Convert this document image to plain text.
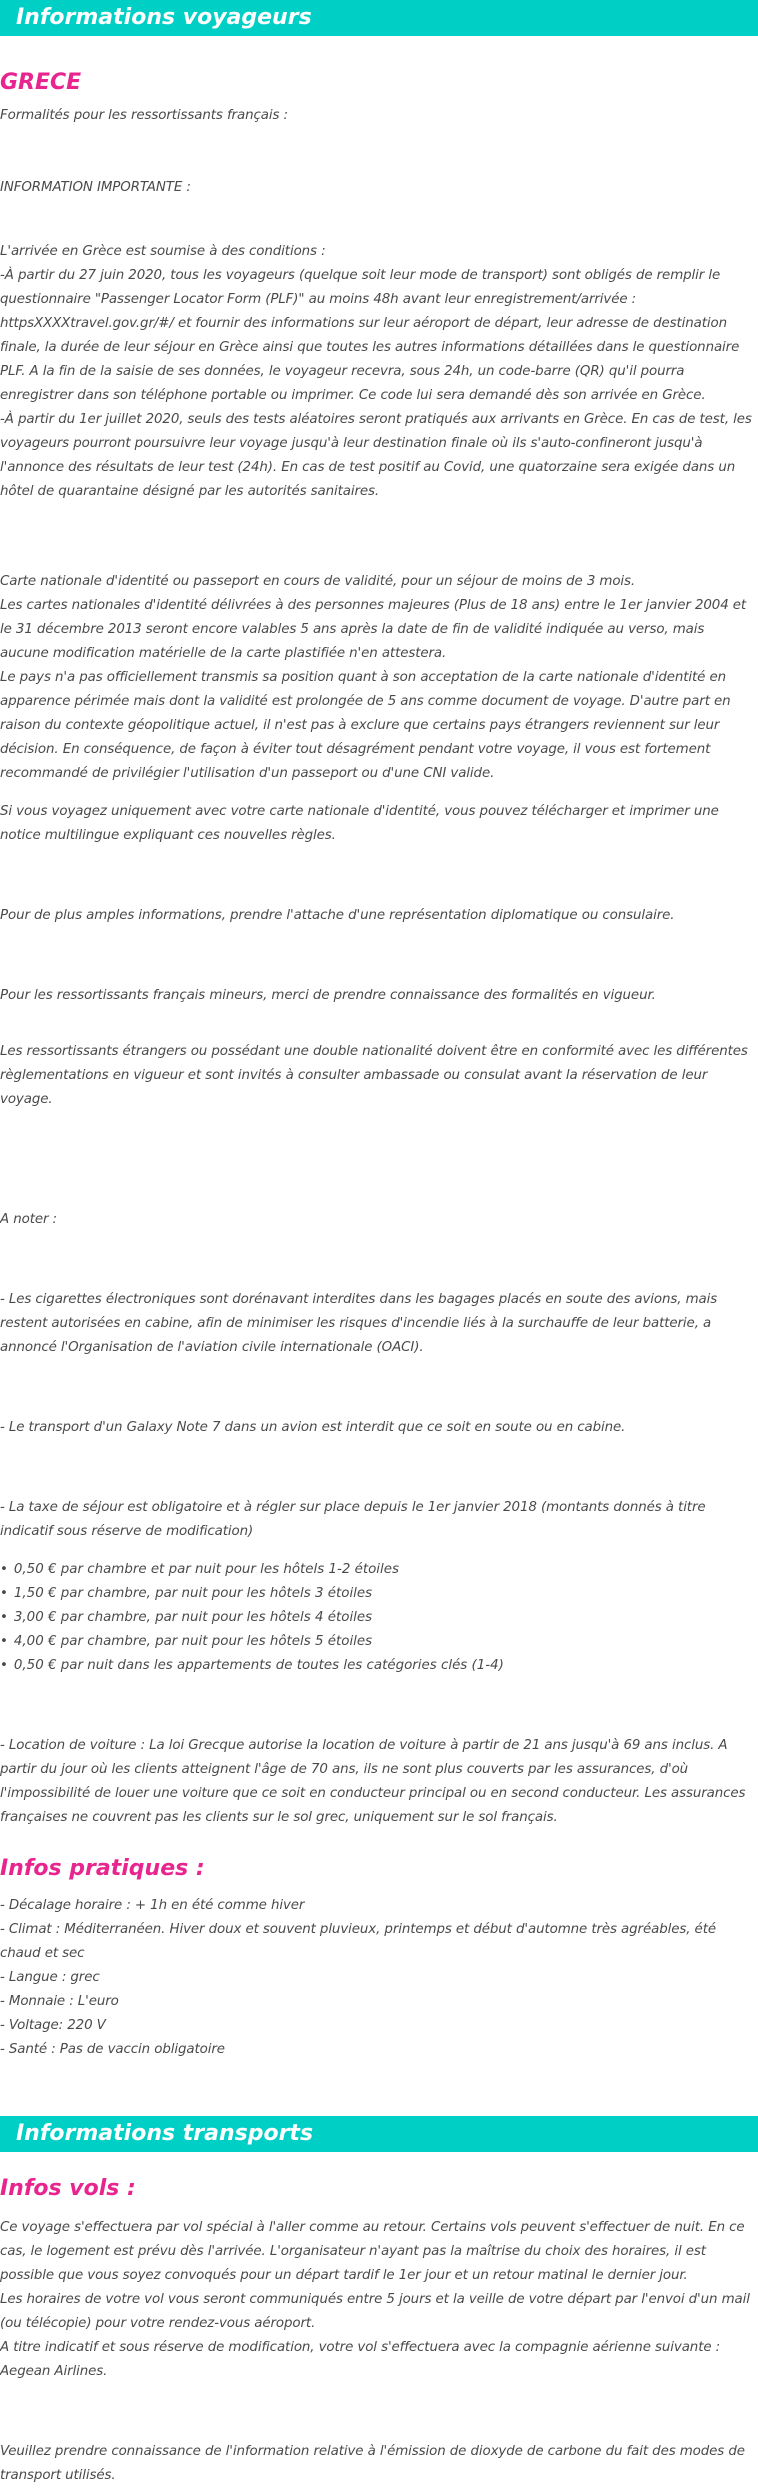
Informations voyageurs
GRECE

Formalités pour les ressortissants français :

INFORMATION IMPORTANTE :

L'arrivée en Grèce est soumise à des conditions :

-À partir du 27 juin 2020, tous les voyageurs (quelque soit leur mode de transport) sont obligés de remplir le questionnaire "Passenger Locator Form (PLF)" au moins 48h avant leur enregistrement/arrivée : httpsXXXXtravel.gov.gr/#/ et fournir des informations sur leur aéroport de départ, leur adresse de destination finale, la durée de leur séjour en Grèce ainsi que toutes les autres informations détaillées dans le questionnaire PLF. A la fin de la saisie de ses données, le voyageur recevra, sous 24h, un code-barre (QR) qu'il pourra enregistrer dans son téléphone portable ou imprimer. Ce code lui sera demandé dès son arrivée en Grèce.

-À partir du 1er juillet 2020, seuls des tests aléatoires seront pratiqués aux arrivants en Grèce. En cas de test, les voyageurs pourront poursuivre leur voyage jusqu'à leur destination finale où ils s'auto-confineront jusqu'à l'annonce des résultats de leur test (24h). En cas de test positif au Covid, une quatorzaine sera exigée dans un hôtel de quarantaine désigné par les autorités sanitaires.

Carte nationale d'identité ou passeport en cours de validité, pour un séjour de moins de 3 mois.

Les cartes nationales d'identité délivrées à des personnes majeures (Plus de 18 ans) entre le 1er janvier 2004 et le 31 décembre 2013 seront encore valables 5 ans après la date de fin de validité indiquée au verso, mais aucune modification matérielle de la carte plastifiée n'en attestera.

Le pays n'a pas officiellement transmis sa position quant à son acceptation de la carte nationale d'identité en apparence périmée mais dont la validité est prolongée de 5 ans comme document de voyage. D'autre part en raison du contexte géopolitique actuel, il n'est pas à exclure que certains pays étrangers reviennent sur leur décision. En conséquence, de façon à éviter tout désagrément pendant votre voyage, il vous est fortement recommandé de privilégier l'utilisation d'un passeport ou d'une CNI valide.

Si vous voyagez uniquement avec votre carte nationale d'identité, vous pouvez télécharger et imprimer une notice multilingue expliquant ces nouvelles règles.

Pour de plus amples informations, prendre l'attache d'une représentation diplomatique ou consulaire.

Pour les ressortissants français mineurs, merci de prendre connaissance des formalités en vigueur.

Les ressortissants étrangers ou possédant une double nationalité doivent être en conformité avec les différentes règlementations en vigueur et sont invités à consulter ambassade ou consulat avant la réservation de leur voyage.

A noter :

- Les cigarettes électroniques sont dorénavant interdites dans les bagages placés en soute des avions, mais restent autorisées en cabine, afin de minimiser les risques d'incendie liés à la surchauffe de leur batterie, a annoncé l'Organisation de l'aviation civile internationale (OACI).

- Le transport d'un Galaxy Note 7 dans un avion est interdit que ce soit en soute ou en cabine.

- La taxe de séjour est obligatoire et à régler sur place depuis le 1er janvier 2018 (montants donnés à titre indicatif sous réserve de modification)

• 0,50 € par chambre et par nuit pour les hôtels 1-2 étoiles
• 1,50 € par chambre, par nuit pour les hôtels 3 étoiles
• 3,00 € par chambre, par nuit pour les hôtels 4 étoiles
• 4,00 € par chambre, par nuit pour les hôtels 5 étoiles
• 0,50 € par nuit dans les appartements de toutes les catégories clés (1-4)

- Location de voiture : La loi Grecque autorise la location de voiture à partir de 21 ans jusqu'à 69 ans inclus. A partir du jour où les clients atteignent l'âge de 70 ans, ils ne sont plus couverts par les assurances, d'où l'impossibilité de louer une voiture que ce soit en conducteur principal ou en second conducteur. Les assurances françaises ne couvrent pas les clients sur le sol grec, uniquement sur le sol français.

Infos pratiques :

- Décalage horaire : + 1h en été comme hiver

- Climat : Méditerranéen. Hiver doux et souvent pluvieux, printemps et début d'automne très agréables, été chaud et sec

- Langue : grec

- Monnaie : L'euro

- Voltage: 220 V

- Santé : Pas de vaccin obligatoire

Informations transports
Infos vols :

Ce voyage s'effectuera par vol spécial à l'aller comme au retour. Certains vols peuvent s'effectuer de nuit. En ce cas, le logement est prévu dès l'arrivée. L'organisateur n'ayant pas la maîtrise du choix des horaires, il est possible que vous soyez convoqués pour un départ tardif le 1er jour et un retour matinal le dernier jour.

Les horaires de votre vol vous seront communiqués entre 5 jours et la veille de votre départ par l'envoi d'un mail (ou télécopie) pour votre rendez-vous aéroport.

A titre indicatif et sous réserve de modification, votre vol s'effectuera avec la compagnie aérienne suivante : Aegean Airlines.

Veuillez prendre connaissance de l'information relative à l'émission de dioxyde de carbone du fait des modes de transport utilisés.
